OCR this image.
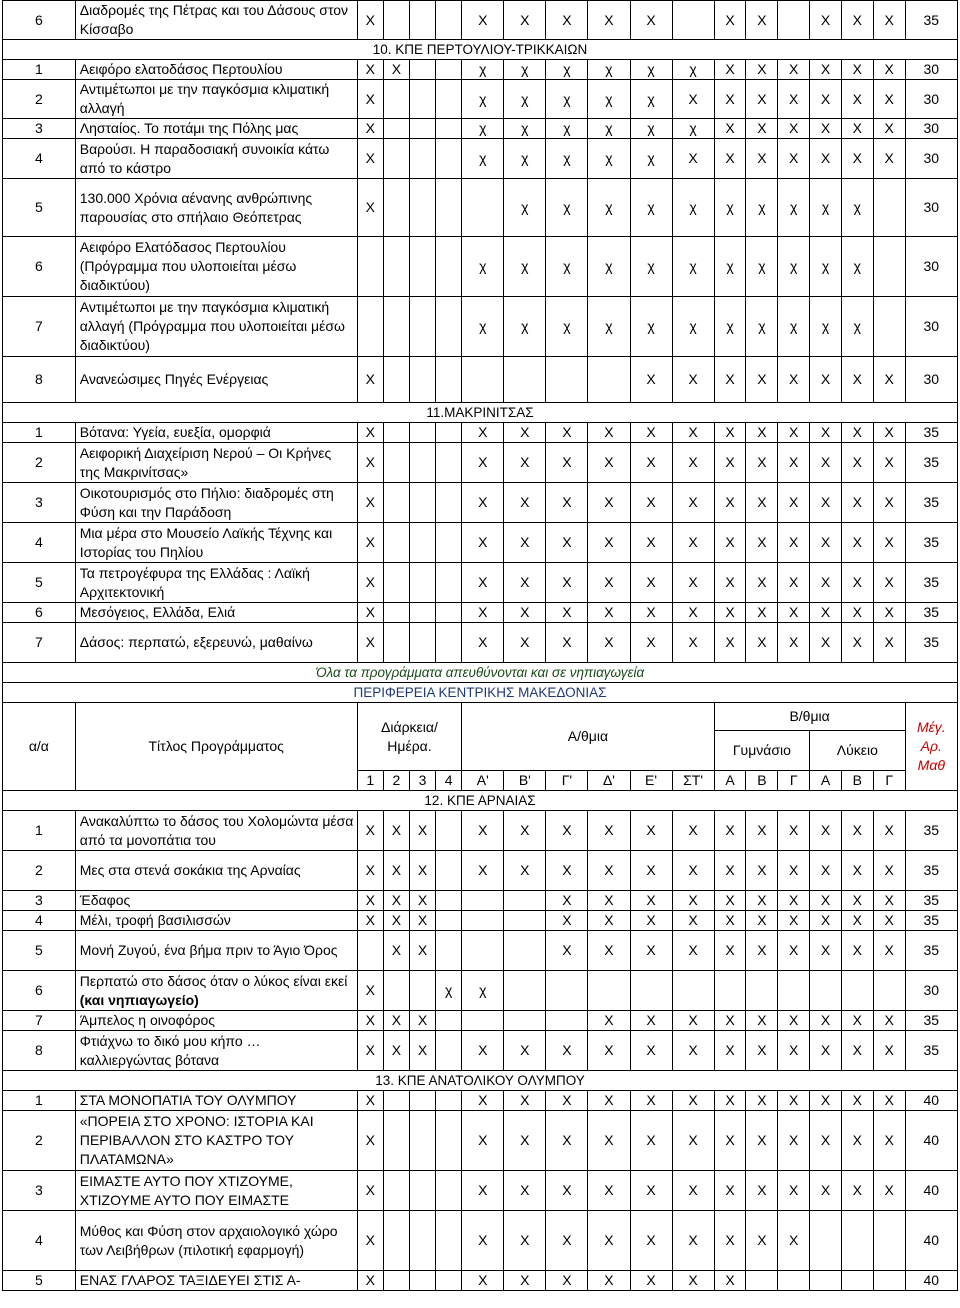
6	Διαδρομές της Πέτρας και του Δάσους στον Κίσσαβο	Χ				Χ	Χ	Χ	Χ	Χ		Χ	Χ		Χ	Χ	Χ	35
10. ΚΠΕ ΠΕΡΤΟΥΛΙΟΥ-ΤΡΙΚΚΑΙΩΝ																		
1	Αειφόρο ελατοδάσος Περτουλίου	Χ	Χ			χ	χ	χ	χ	χ	χ	Χ	Χ	Χ	Χ	Χ	Χ	30
2	Αντιμέτωποι με την παγκόσμια κλιματική αλλαγή	Χ				χ	χ	χ	χ	χ	Χ	Χ	Χ	Χ	Χ	Χ	Χ	30
3	Λησταίος. Το ποτάμι της Πόλης μας	Χ				χ	χ	χ	χ	χ	χ	Χ	Χ	Χ	Χ	Χ	Χ	30
4	Βαρούσι. Η παραδοσιακή συνοικία κάτω από το κάστρο	Χ				χ	χ	χ	χ	χ	Χ	Χ	Χ	Χ	Χ	Χ	Χ	30
5	130.000 Χρόνια αένανης ανθρώπινης παρουσίας στο σπήλαιο Θεόπετρας	Χ					χ	χ	χ	χ	χ	χ	χ	χ	χ	χ		30
6	Αειφόρο Ελατόδασος Περτουλίου (Πρόγραμμα που υλοποιείται μέσω διαδικτύου)					χ	χ	χ	χ	χ	χ	χ	χ	χ	χ	χ		30
7	Αντιμέτωποι με την παγκόσμια κλιματική αλλαγή (Πρόγραμμα που υλοποιείται μέσω διαδικτύου)					χ	χ	χ	χ	χ	χ	χ	χ	χ	χ	χ		30
8	Ανανεώσιμες Πηγές Ενέργειας	Χ								Χ	Χ	Χ	Χ	Χ	Χ	Χ	Χ	30
11.ΜΑΚΡΙΝΙΤΣΑΣ																		
1	Βότανα: Υγεία, ευεξία, ομορφιά	Χ				Χ	Χ	Χ	Χ	Χ	Χ	Χ	Χ	Χ	Χ	Χ	Χ	35
2	Αειφορική Διαχείριση Νερού – Οι Κρήνες της Μακρινίτσας»	Χ				Χ	Χ	Χ	Χ	Χ	Χ	Χ	Χ	Χ	Χ	Χ	Χ	35
3	Οικοτουρισμός στο Πήλιο: διαδρομές στη Φύση και την Παράδοση	Χ				Χ	Χ	Χ	Χ	Χ	Χ	Χ	Χ	Χ	Χ	Χ	Χ	35
4	Μια μέρα στο Μουσείο Λαϊκής Τέχνης και Ιστορίας του Πηλίου	Χ				Χ	Χ	Χ	Χ	Χ	Χ	Χ	Χ	Χ	Χ	Χ	Χ	35
5	Τα πετρογέφυρα της Ελλάδας : Λαϊκή Αρχιτεκτονική	Χ				Χ	Χ	Χ	Χ	Χ	Χ	Χ	Χ	Χ	Χ	Χ	Χ	35
6	Μεσόγειος, Ελλάδα, Ελιά	Χ				Χ	Χ	Χ	Χ	Χ	Χ	Χ	Χ	Χ	Χ	Χ	Χ	35
7	Δάσος: περπατώ, εξερευνώ, μαθαίνω	Χ				Χ	Χ	Χ	Χ	Χ	Χ	Χ	Χ	Χ	Χ	Χ	Χ	35
Όλα τα προγράμματα απευθύνονται και σε νηπιαγωγεία																		
ΠΕΡΙΦΕΡΕΙΑ ΚΕΝΤΡΙΚΗΣ ΜΑΚΕΔΟΝΙΑΣ																		
α/α	Τίτλος Προγράμματος	Διάρκεια/ Ημέρα.				Α/θμια						Β/θμια						Μέγ. Αρ. Μαθ
												Γυμνάσιο			Λύκειο			
		1	2	3	4	Α'	Β'	Γ'	Δ'	Ε'	ΣΤ'	Α	Β	Γ	Α	Β	Γ	
12. ΚΠΕ ΑΡΝΑΙΑΣ																		
1	Ανακαλύπτω το δάσος του Χολομώντα μέσα από τα μονοπάτια του	Χ	Χ	Χ		Χ	Χ	Χ	Χ	Χ	Χ	Χ	Χ	Χ	Χ	Χ	Χ	35
2	Μες στα στενά σοκάκια της Αρναίας	Χ	Χ	Χ		Χ	Χ	Χ	Χ	Χ	Χ	Χ	Χ	Χ	Χ	Χ	Χ	35
3	Έδαφος	Χ	Χ	Χ				Χ	Χ	Χ	Χ	Χ	Χ	Χ	Χ	Χ	Χ	35
4	Μέλι, τροφή βασιλισσών	Χ	Χ	Χ				Χ	Χ	Χ	Χ	Χ	Χ	Χ	Χ	Χ	Χ	35
5	Μονή Ζυγού, ένα βήμα πριν το Άγιο Όρος		Χ	Χ				Χ	Χ	Χ	Χ	Χ	Χ	Χ	Χ	Χ	Χ	35
6	Περπατώ στο δάσος όταν ο λύκος είναι εκεί (και νηπιαγωγείο)	Χ			χ	χ												30
7	Άμπελος η οινοφόρος	Χ	Χ	Χ					Χ	Χ	Χ	Χ	Χ	Χ	Χ	Χ	Χ	35
8	Φτιάχνω το δικό μου κήπο … καλλιεργώντας βότανα	Χ	Χ	Χ		Χ	Χ	Χ	Χ	Χ	Χ	Χ	Χ	Χ	Χ	Χ	Χ	35
13. ΚΠΕ ΑΝΑΤΟΛΙΚΟΥ ΟΛΥΜΠΟΥ																		
1	ΣΤΑ ΜΟΝΟΠΑΤΙΑ ΤΟΥ ΟΛΥΜΠΟΥ	Χ				Χ	Χ	Χ	Χ	Χ	Χ	Χ	Χ	Χ	Χ	Χ	Χ	40
2	«ΠΟΡΕΙΑ ΣΤΟ ΧΡΟΝΟ: ΙΣΤΟΡΙΑ ΚΑΙ ΠΕΡΙΒΑΛΛΟΝ ΣΤΟ ΚΑΣΤΡΟ ΤΟΥ ΠΛΑΤΑΜΩΝΑ»	Χ				Χ	Χ	Χ	Χ	Χ	Χ	Χ	Χ	Χ	Χ	Χ	Χ	40
3	ΕΙΜΑΣΤΕ ΑΥΤΟ ΠΟΥ ΧΤΙΖΟΥΜΕ, ΧΤΙΖΟΥΜΕ ΑΥΤΟ ΠΟΥ ΕΙΜΑΣΤΕ	Χ				Χ	Χ	Χ	Χ	Χ	Χ	Χ	Χ	Χ	Χ	Χ	Χ	40
4	Μύθος και Φύση στον αρχαιολογικό χώρο των Λειβήθρων (πιλοτική εφαρμογή)	Χ				Χ	Χ	Χ	Χ	Χ	Χ	Χ	Χ	Χ				40
5	ΕΝΑΣ ΓΛΑΡΟΣ ΤΑΞΙΔΕΥΕΙ ΣΤΙΣ Α-	Χ				Χ	Χ	Χ	Χ	Χ	Χ	Χ						40
